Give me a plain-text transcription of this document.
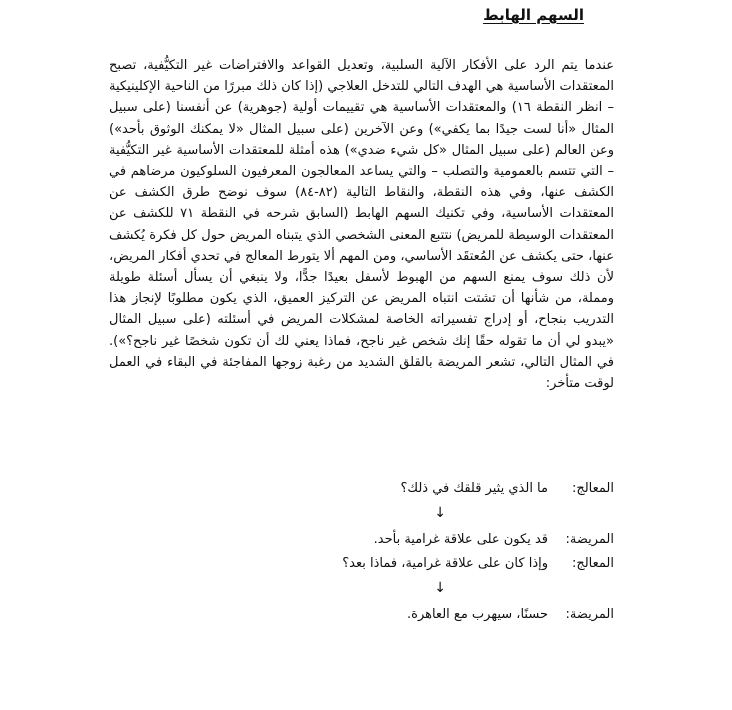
السهم الهابط

عندما يتم الرد على الأفكار الآلية السلبية، وتعديل القواعد والافتراضات غير التكيُّفية، تصبح المعتقدات الأساسية هي الهدف التالي للتدخل العلاجي (إذا كان ذلك مبررًا من الناحية الإكلينيكية – انظر النقطة ١٦) والمعتقدات الأساسية هي تقييمات أولية (جوهرية) عن أنفسنا (على سبيل المثال «أنا لست جيدًا بما يكفي») وعن الآخرين (على سبيل المثال «لا يمكنك الوثوق بأحد») وعن العالم (على سبيل المثال «كل شيء ضدي») هذه أمثلة للمعتقدات الأساسية غير التكيُّفية – التي تتسم بالعمومية والتصلب – والتي يساعد المعالجون المعرفيون السلوكيون مرضاهم في الكشف عنها، وفي هذه النقطة، والنقاط التالية (٨٢-٨٤) سوف نوضح طرق الكشف عن المعتقدات الأساسية، وفي تكنيك السهم الهابط (السابق شرحه في النقطة ٧١ للكشف عن المعتقدات الوسيطة للمريض) نتتبع المعنى الشخصي الذي يتبناه المريض حول كل فكرة يُكشف عنها، حتى يكشف عن المُعتقَد الأساسي، ومن المهم ألا يتورط المعالج في تحدي أفكار المريض، لأن ذلك سوف يمنع السهم من الهبوط لأسفل بعيدًا جدًّا، ولا ينبغي أن يسأل أسئلة طويلة ومملة، من شأنها أن تشتت انتباه المريض عن التركيز العميق، الذي يكون مطلوبًا لإنجاز هذا التدريب بنجاح، أو إدراج تفسيراته الخاصة لمشكلات المريض في أسئلته (على سبيل المثال «يبدو لي أن ما تقوله حقًا إنك شخص غير ناجح، فماذا يعني لك أن تكون شخصًا غير ناجح؟»). في المثال التالي، تشعر المريضة بالقلق الشديد من رغبة زوجها المفاجئة في البقاء في العمل لوقت متأخر:

المعالج:
ما الذي يثير قلقك في ذلك؟
↓
المريضة:
قد يكون على علاقة غرامية بأحد.
المعالج:
وإذا كان على علاقة غرامية، فماذا بعد؟
↓
المريضة:
حسنًا، سيهرب مع العاهرة.
